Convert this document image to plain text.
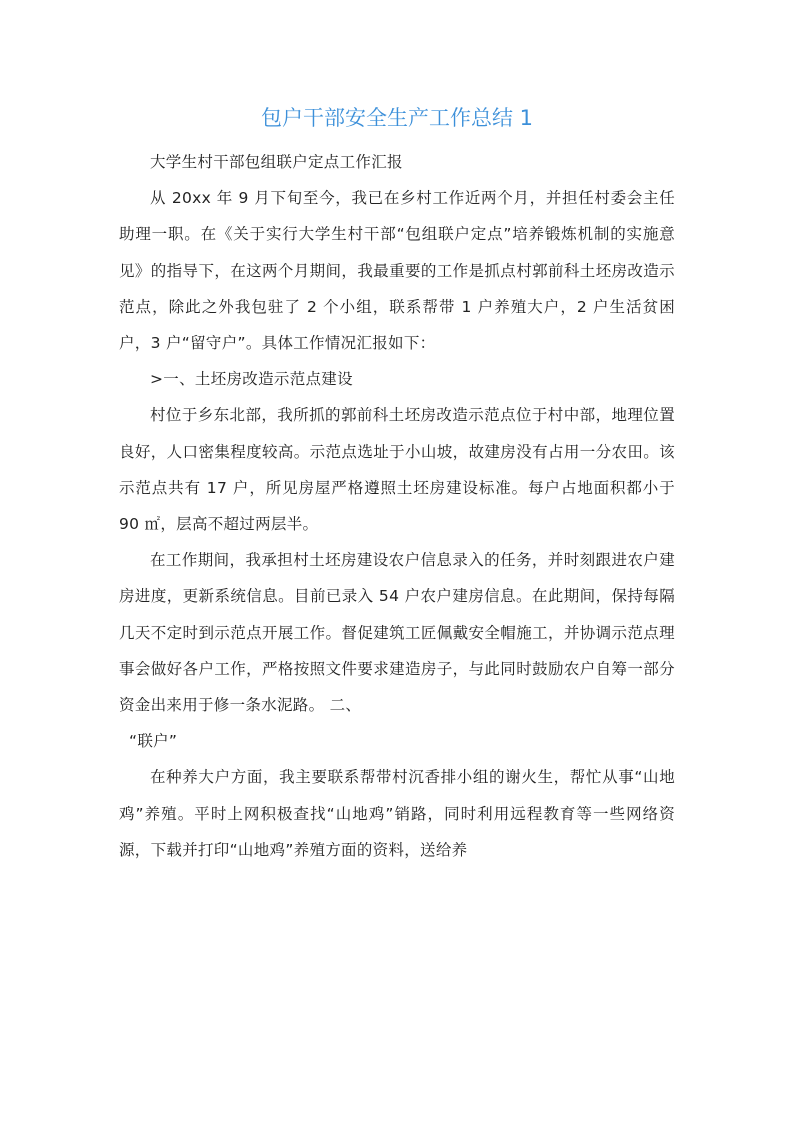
包户干部安全生产工作总结 1

大学生村干部包组联户定点工作汇报

从 20xx 年 9 月下旬至今，我已在乡村工作近两个月，并担任村委会主任助理一职。在《关于实行大学生村干部“包组联户定点”培养锻炼机制的实施意见》的指导下，在这两个月期间，我最重要的工作是抓点村郭前科土坯房改造示范点，除此之外我包驻了 2 个小组，联系帮带 1 户养殖大户，2 户生活贫困户，3 户“留守户”。具体工作情况汇报如下：

>一、土坯房改造示范点建设

村位于乡东北部，我所抓的郭前科土坯房改造示范点位于村中部，地理位置良好，人口密集程度较高。示范点选址于小山坡，故建房没有占用一分农田。该示范点共有 17 户，所见房屋严格遵照土坯房建设标准。每户占地面积都小于 90 ㎡，层高不超过两层半。

在工作期间，我承担村土坯房建设农户信息录入的任务，并时刻跟进农户建房进度，更新系统信息。目前已录入 54 户农户建房信息。在此期间，保持每隔几天不定时到示范点开展工作。督促建筑工匠佩戴安全帽施工，并协调示范点理事会做好各户工作，严格按照文件要求建造房子，与此同时鼓励农户自筹一部分资金出来用于修一条水泥路。 二、

“联户”

在种养大户方面，我主要联系帮带村沉香排小组的谢火生，帮忙从事“山地鸡”养殖。平时上网积极查找“山地鸡”销路，同时利用远程教育等一些网络资源，下载并打印“山地鸡”养殖方面的资料，送给养
